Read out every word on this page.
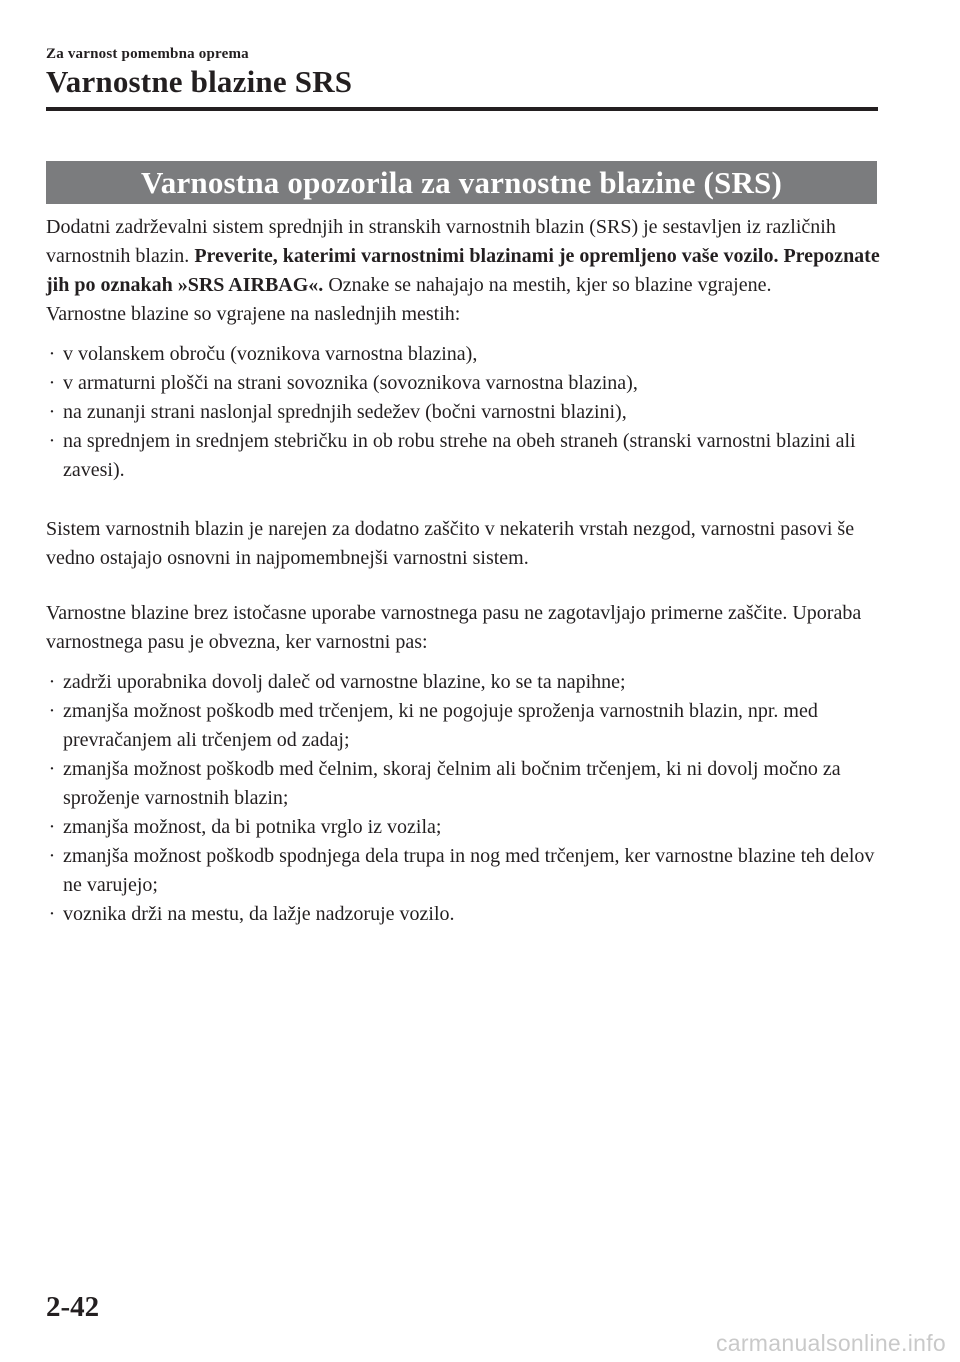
Za varnost pomembna oprema
Varnostne blazine SRS
Varnostna opozorila za varnostne blazine (SRS)

Dodatni zadrževalni sistem sprednjih in stranskih varnostnih blazin (SRS) je sestavljen iz različnih varnostnih blazin. Preverite, katerimi varnostnimi blazinami je opremljeno vaše vozilo. Prepoznate jih po oznakah »SRS AIRBAG«. Oznake se nahajajo na mestih, kjer so blazine vgrajene.

Varnostne blazine so vgrajene na naslednjih mestih:

· v volanskem obroču (voznikova varnostna blazina),
· v armaturni plošči na strani sovoznika (sovoznikova varnostna blazina),
· na zunanji strani naslonjal sprednjih sedežev (bočni varnostni blazini),
· na sprednjem in srednjem stebričku in ob robu strehe na obeh straneh (stranski varnostni blazini ali zavesi).

Sistem varnostnih blazin je narejen za dodatno zaščito v nekaterih vrstah nezgod, varnostni pasovi še vedno ostajajo osnovni in najpomembnejši varnostni sistem.

Varnostne blazine brez istočasne uporabe varnostnega pasu ne zagotavljajo primerne zaščite. Uporaba varnostnega pasu je obvezna, ker varnostni pas:

· zadrži uporabnika dovolj daleč od varnostne blazine, ko se ta napihne;
· zmanjša možnost poškodb med trčenjem, ki ne pogojuje sproženja varnostnih blazin, npr. med prevračanjem ali trčenjem od zadaj;
· zmanjša možnost poškodb med čelnim, skoraj čelnim ali bočnim trčenjem, ki ni dovolj močno za sproženje varnostnih blazin;
· zmanjša možnost, da bi potnika vrglo iz vozila;
· zmanjša možnost poškodb spodnjega dela trupa in nog med trčenjem, ker varnostne blazine teh delov ne varujejo;
· voznika drži na mestu, da lažje nadzoruje vozilo.
2-42
carmanualsonline.info
